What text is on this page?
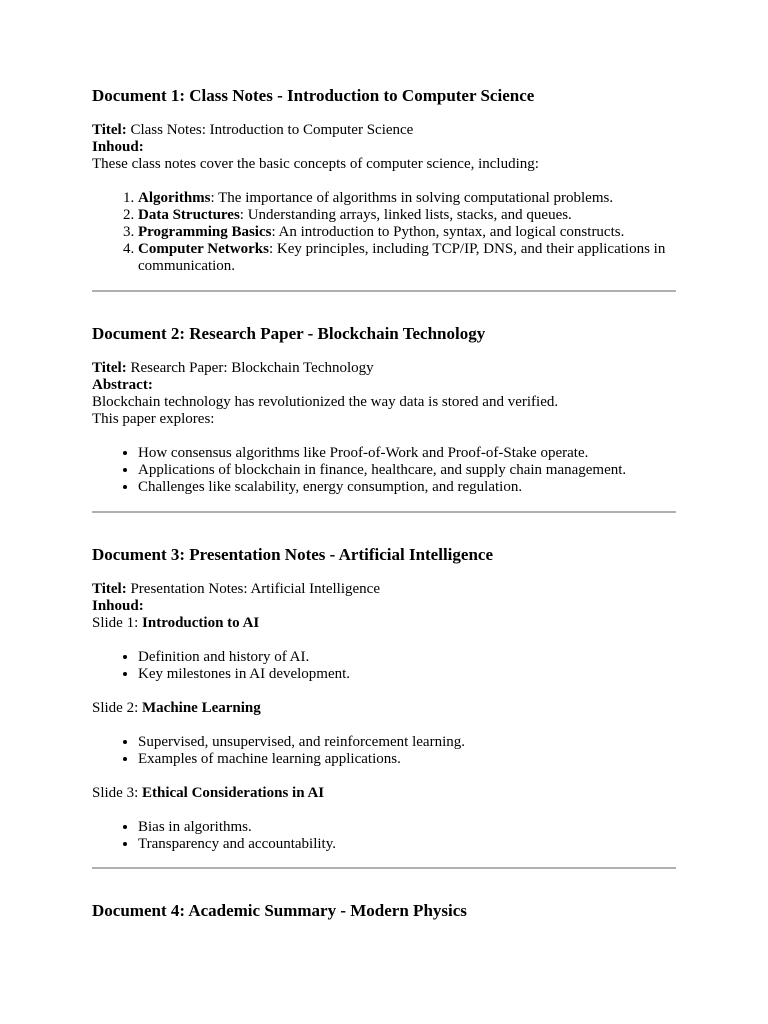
Document 1: Class Notes - Introduction to Computer Science
Titel: Class Notes: Introduction to Computer Science
Inhoud:

These class notes cover the basic concepts of computer science, including:

1. Algorithms: The importance of algorithms in solving computational problems.
2. Data Structures: Understanding arrays, linked lists, stacks, and queues.
3. Programming Basics: An introduction to Python, syntax, and logical constructs.
4. Computer Networks: Key principles, including TCP/IP, DNS, and their applications in communication.
Document 2: Research Paper - Blockchain Technology
Titel: Research Paper: Blockchain Technology
Abstract:

Blockchain technology has revolutionized the way data is stored and verified.

This paper explores:

• How consensus algorithms like Proof-of-Work and Proof-of-Stake operate.
• Applications of blockchain in finance, healthcare, and supply chain management.
• Challenges like scalability, energy consumption, and regulation.
Document 3: Presentation Notes - Artificial Intelligence
Titel: Presentation Notes: Artificial Intelligence
Inhoud:

Slide 1: Introduction to AI

• Definition and history of AI.
• Key milestones in AI development.

Slide 2: Machine Learning

• Supervised, unsupervised, and reinforcement learning.
• Examples of machine learning applications.

Slide 3: Ethical Considerations in AI

• Bias in algorithms.
• Transparency and accountability.
Document 4: Academic Summary - Modern Physics
